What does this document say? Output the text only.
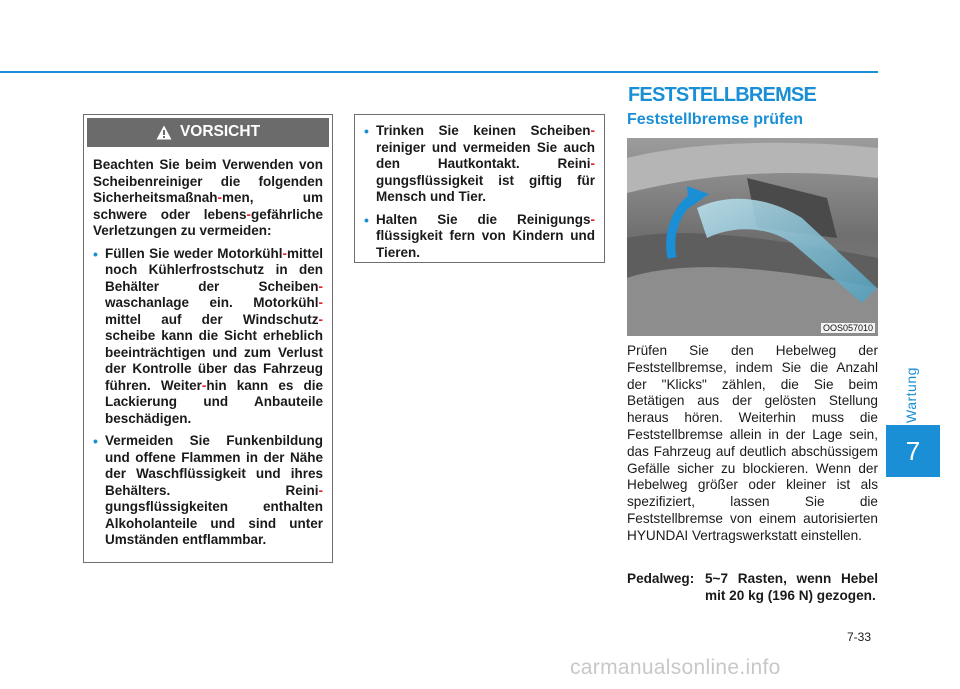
Wartung
7
VORSICHT

Beachten Sie beim Verwenden von Scheibenreiniger die folgenden Sicherheitsmaßnah-men, um schwere oder lebens-gefährliche Verletzungen zu vermeiden:

• Füllen Sie weder Motorkühl-mittel noch Kühlerfrostschutz in den Behälter der Scheiben-waschanlage ein. Motorkühl-mittel auf der Windschutz-scheibe kann die Sicht erheblich beeinträchtigen und zum Verlust der Kontrolle über das Fahrzeug führen. Weiter-hin kann es die Lackierung und Anbauteile beschädigen.
• Vermeiden Sie Funkenbildung und offene Flammen in der Nähe der Waschflüssigkeit und ihres Behälters. Reini-gungsflüssigkeiten enthalten Alkoholanteile und sind unter Umständen entflammbar.
• Trinken Sie keinen Scheiben-reiniger und vermeiden Sie auch den Hautkontakt. Reini-gungsflüssigkeit ist giftig für Mensch und Tier.
• Halten Sie die Reinigungs-flüssigkeit fern von Kindern und Tieren.
FESTSTELLBREMSE
Feststellbremse prüfen
OOS057010

Prüfen Sie den Hebelweg der Feststellbremse, indem Sie die Anzahl der "Klicks" zählen, die Sie beim Betätigen aus der gelösten Stellung heraus hören. Weiterhin muss die Feststellbremse allein in der Lage sein, das Fahrzeug auf deutlich abschüssigem Gefälle sicher zu blockieren. Wenn der Hebelweg größer oder kleiner ist als spezifiziert, lassen Sie die Feststellbremse von einem autorisierten HYUNDAI Vertragswerkstatt einstellen.

Pedalweg: 5~7 Rasten, wenn Hebel mit 20 kg (196 N) gezogen.
7-33
carmanualsonline.info
